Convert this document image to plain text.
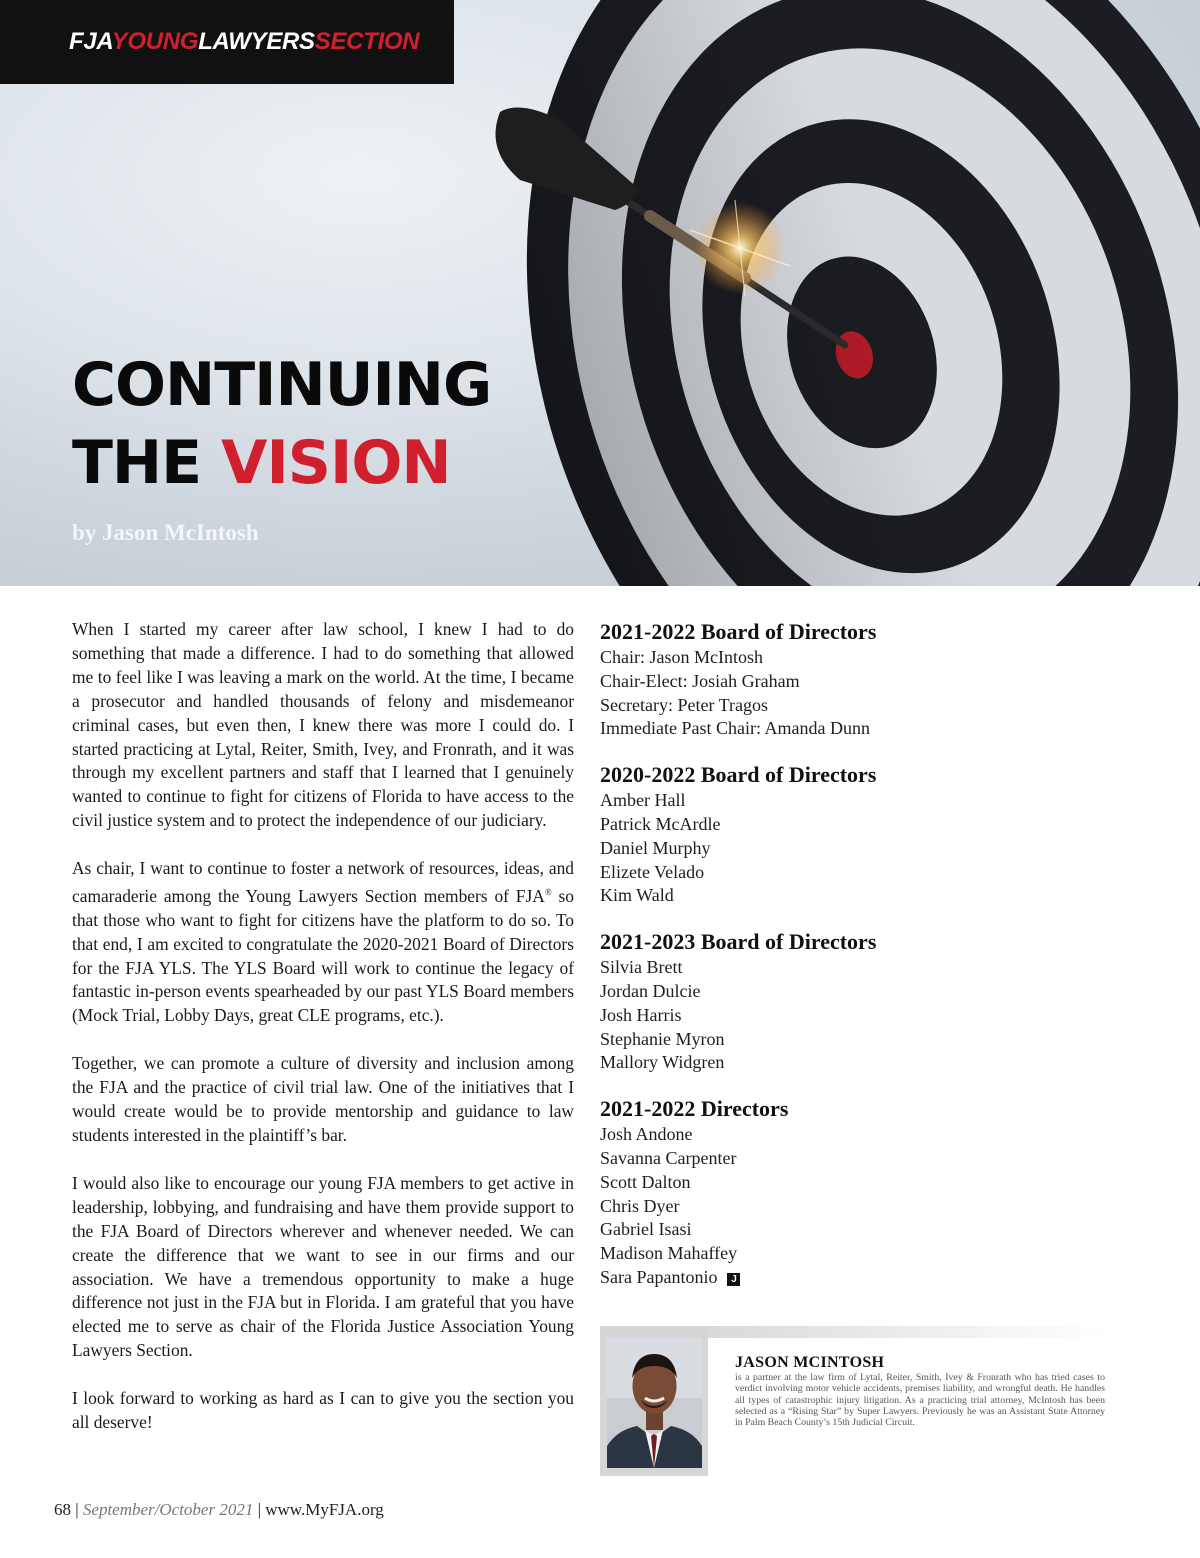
FJAYOUNGLAWYERSSECTION
CONTINUING
THE VISION
by Jason McIntosh

When I started my career after law school, I knew I had to do something that made a difference. I had to do something that allowed me to feel like I was leaving a mark on the world. At the time, I became a prosecutor and handled thousands of felony and misdemeanor criminal cases, but even then, I knew there was more I could do. I started practicing at Lytal, Reiter, Smith, Ivey, and Fronrath, and it was through my excellent partners and staff that I learned that I genuinely wanted to continue to fight for citizens of Florida to have access to the civil justice system and to protect the independence of our judiciary.

As chair, I want to continue to foster a network of resources, ideas, and camaraderie among the Young Lawyers Section members of FJA® so that those who want to fight for citizens have the platform to do so. To that end, I am excited to congratulate the 2020-2021 Board of Directors for the FJA YLS. The YLS Board will work to continue the legacy of fantastic in-person events spearheaded by our past YLS Board members (Mock Trial, Lobby Days, great CLE programs, etc.).

Together, we can promote a culture of diversity and inclusion among the FJA and the practice of civil trial law. One of the initiatives that I would create would be to provide mentorship and guidance to law students interested in the plaintiff’s bar.

I would also like to encourage our young FJA members to get active in leadership, lobbying, and fundraising and have them provide support to the FJA Board of Directors wherever and whenever needed. We can create the difference that we want to see in our firms and our association. We have a tremendous opportunity to make a huge difference not just in the FJA but in Florida. I am grateful that you have elected me to serve as chair of the Florida Justice Association Young Lawyers Section.

I look forward to working as hard as I can to give you the section you all deserve!

2021-2022 Board of Directors
Chair: Jason McIntosh
Chair-Elect: Josiah Graham
Secretary: Peter Tragos
Immediate Past Chair: Amanda Dunn
2020-2022 Board of Directors
Amber Hall
Patrick McArdle
Daniel Murphy
Elizete Velado
Kim Wald
2021-2023 Board of Directors
Silvia Brett
Jordan Dulcie
Josh Harris
Stephanie Myron
Mallory Widgren
2021-2022 Directors
Josh Andone
Savanna Carpenter
Scott Dalton
Chris Dyer
Gabriel Isasi
Madison Mahaffey
Sara Papantonio J
JASON MCINTOSH
is a partner at the law firm of Lytal, Reiter, Smith, Ivey & Fronrath who has tried cases to verdict involving motor vehicle accidents, premises liability, and wrongful death. He handles all types of catastrophic injury litigation. As a practicing trial attorney, McIntosh has been selected as a “Rising Star” by Super Lawyers. Previously he was an Assistant State Attorney in Palm Beach County’s 15th Judicial Circuit.
68 | September/October 2021 | www.MyFJA.org
